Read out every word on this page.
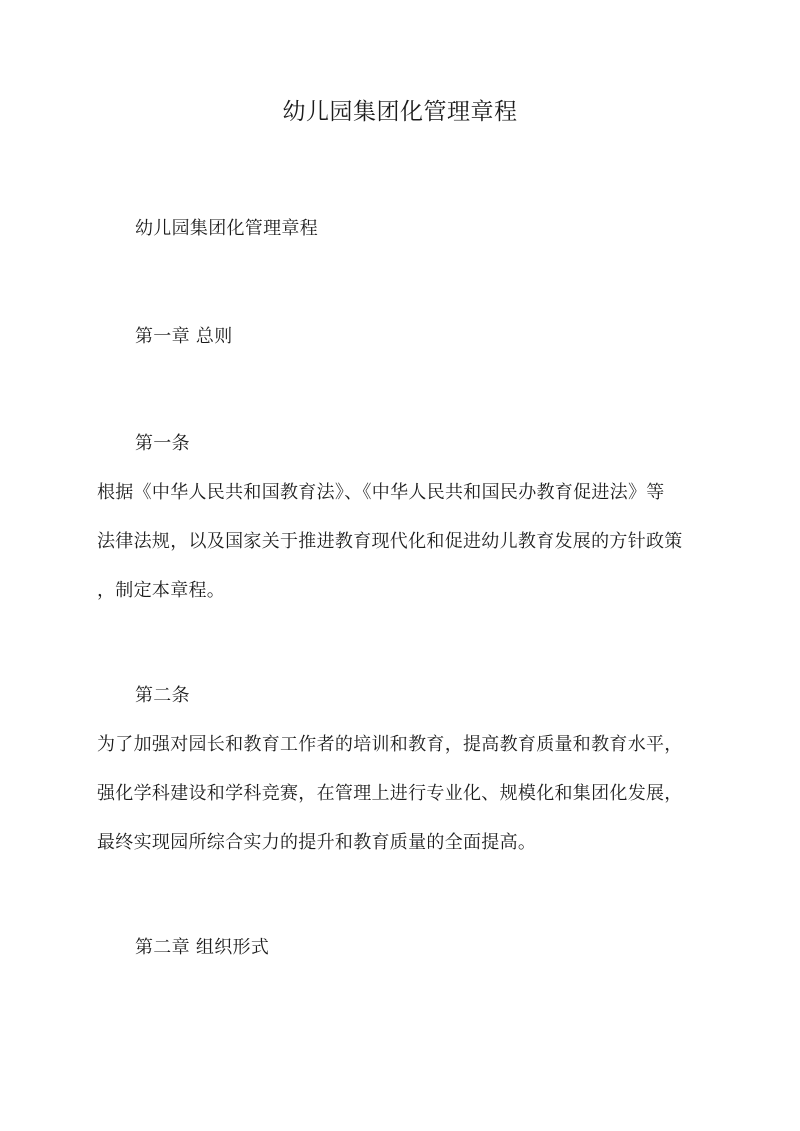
幼儿园集团化管理章程
幼儿园集团化管理章程
第一章 总则
第一条
根据《中华人民共和国教育法》、《中华人民共和国民办教育促进法》等
法律法规，以及国家关于推进教育现代化和促进幼儿教育发展的方针政策
，制定本章程。
第二条
为了加强对园长和教育工作者的培训和教育，提高教育质量和教育水平，
强化学科建设和学科竞赛，在管理上进行专业化、规模化和集团化发展，
最终实现园所综合实力的提升和教育质量的全面提高。
第二章 组织形式
